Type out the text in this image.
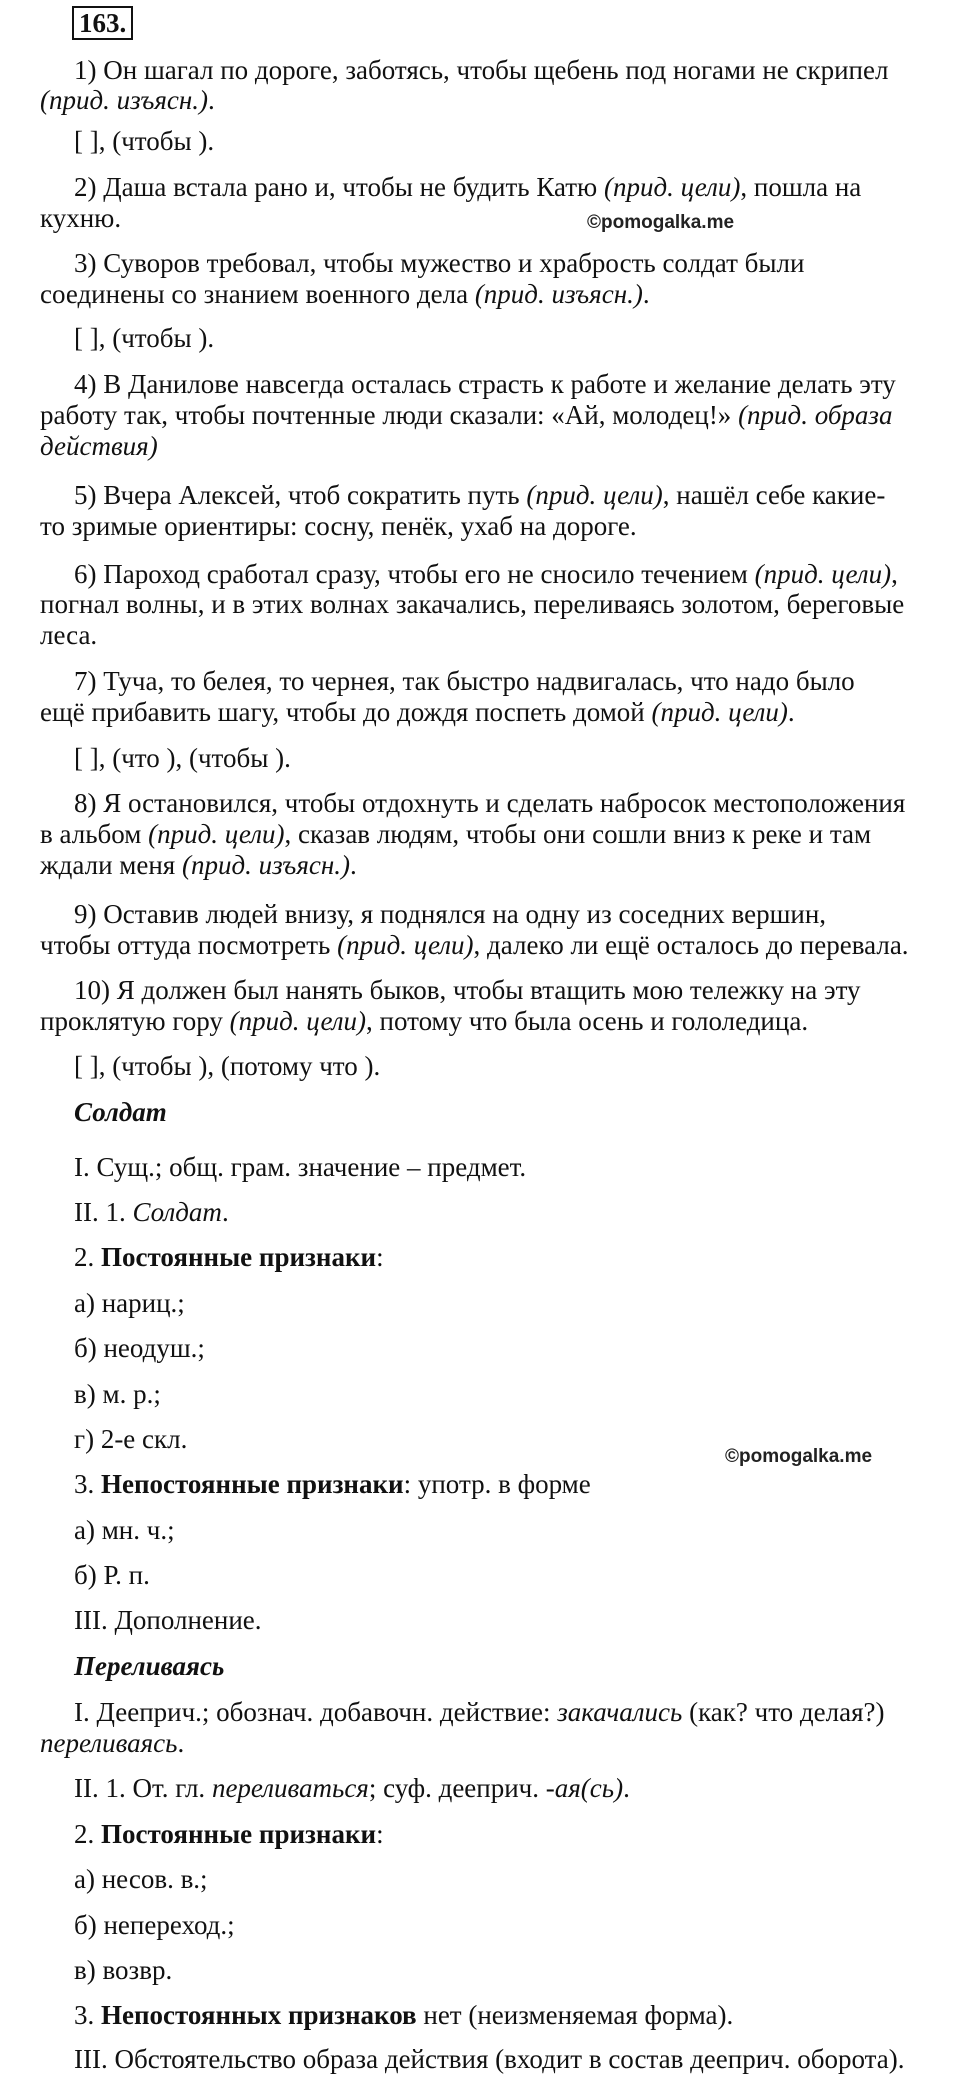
163.
©pomogalka.me
©pomogalka.me
1) Он шагал по дороге, заботясь, чтобы щебень под ногами не скрипел
(прид. изъясн.).
[ ], (чтобы ).
2) Даша встала рано и, чтобы не будить Катю (прид. цели), пошла на
кухню.
3) Суворов требовал, чтобы мужество и храбрость солдат были
соединены со знанием военного дела (прид. изъясн.).
[ ], (чтобы ).
4) В Данилове навсегда осталась страсть к работе и желание делать эту
работу так, чтобы почтенные люди сказали: «Ай, молодец!» (прид. образа
действия)
5) Вчера Алексей, чтоб сократить путь (прид. цели), нашёл себе какие-
то зримые ориентиры: сосну, пенёк, ухаб на дороге.
6) Пароход сработал сразу, чтобы его не сносило течением (прид. цели),
погнал волны, и в этих волнах закачались, переливаясь золотом, береговые
леса.
7) Туча, то белея, то чернея, так быстро надвигалась, что надо было
ещё прибавить шагу, чтобы до дождя поспеть домой (прид. цели).
[ ], (что ), (чтобы ).
8) Я остановился, чтобы отдохнуть и сделать набросок местоположения
в альбом (прид. цели), сказав людям, чтобы они сошли вниз к реке и там
ждали меня (прид. изъясн.).
9) Оставив людей внизу, я поднялся на одну из соседних вершин,
чтобы оттуда посмотреть (прид. цели), далеко ли ещё осталось до перевала.
10) Я должен был нанять быков, чтобы втащить мою тележку на эту
проклятую гору (прид. цели), потому что была осень и гололедица.
[ ], (чтобы ), (потому что ).
Солдат
I. Сущ.; общ. грам. значение – предмет.
II. 1. Солдат.
2. Постоянные признаки:
а) нариц.;
б) неодуш.;
в) м. р.;
г) 2-е скл.
3. Непостоянные признаки: употр. в форме
а) мн. ч.;
б) Р. п.
III. Дополнение.
Переливаясь
I. Дееприч.; обознач. добавочн. действие: закачались (как? что делая?)
переливаясь.
II. 1. От. гл. переливаться; суф. дееприч. -ая(сь).
2. Постоянные признаки:
а) несов. в.;
б) непереход.;
в) возвр.
3. Непостоянных признаков нет (неизменяемая форма).
III. Обстоятельство образа действия (входит в состав дееприч. оборота).
